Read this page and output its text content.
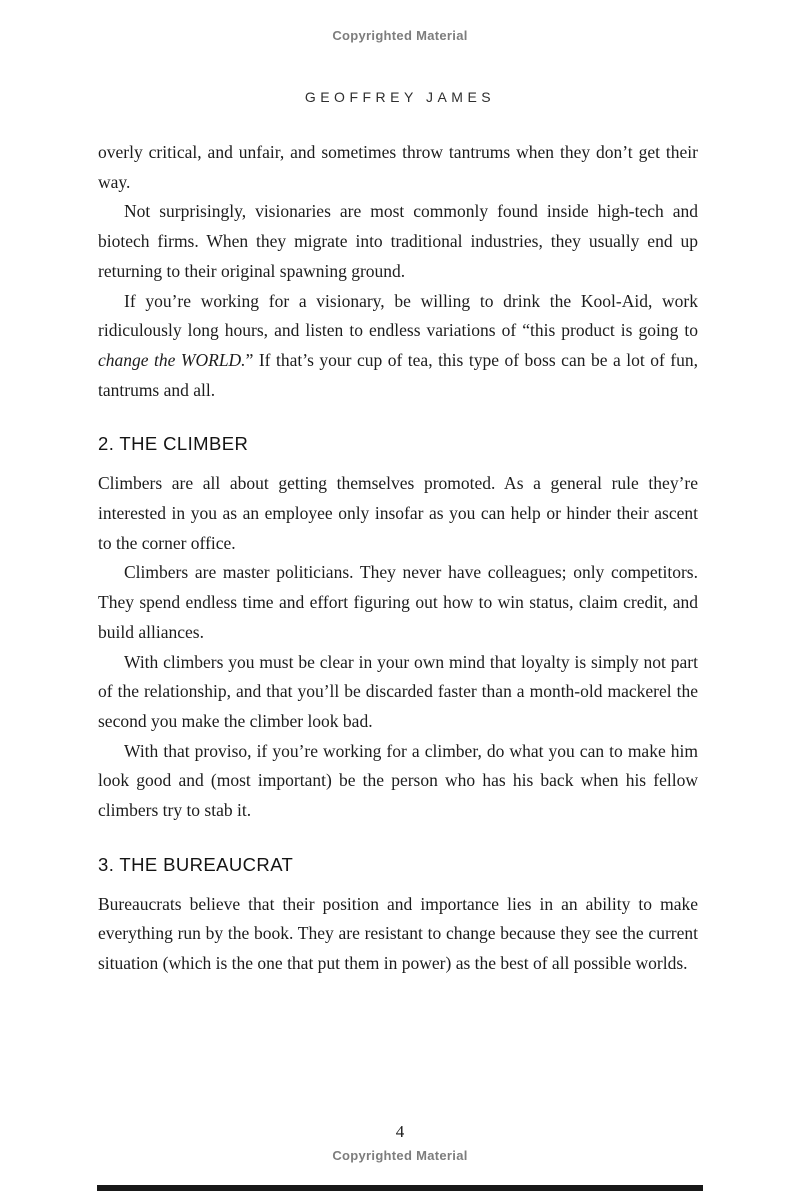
Copyrighted Material
GEOFFREY JAMES

overly critical, and unfair, and sometimes throw tantrums when they don’t get their way.

Not surprisingly, visionaries are most commonly found inside high-tech and biotech firms. When they migrate into traditional industries, they usually end up returning to their original spawning ground.

If you’re working for a visionary, be willing to drink the Kool-Aid, work ridiculously long hours, and listen to endless variations of “this product is going to change the WORLD.” If that’s your cup of tea, this type of boss can be a lot of fun, tantrums and all.

2. THE CLIMBER

Climbers are all about getting themselves promoted. As a general rule they’re interested in you as an employee only insofar as you can help or hinder their ascent to the corner office.

Climbers are master politicians. They never have colleagues; only competitors. They spend endless time and effort figuring out how to win status, claim credit, and build alliances.

With climbers you must be clear in your own mind that loyalty is simply not part of the relationship, and that you’ll be discarded faster than a month-old mackerel the second you make the climber look bad.

With that proviso, if you’re working for a climber, do what you can to make him look good and (most important) be the person who has his back when his fellow climbers try to stab it.

3. THE BUREAUCRAT

Bureaucrats believe that their position and importance lies in an ability to make everything run by the book. They are resistant to change because they see the current situation (which is the one that put them in power) as the best of all possible worlds.

4
Copyrighted Material
